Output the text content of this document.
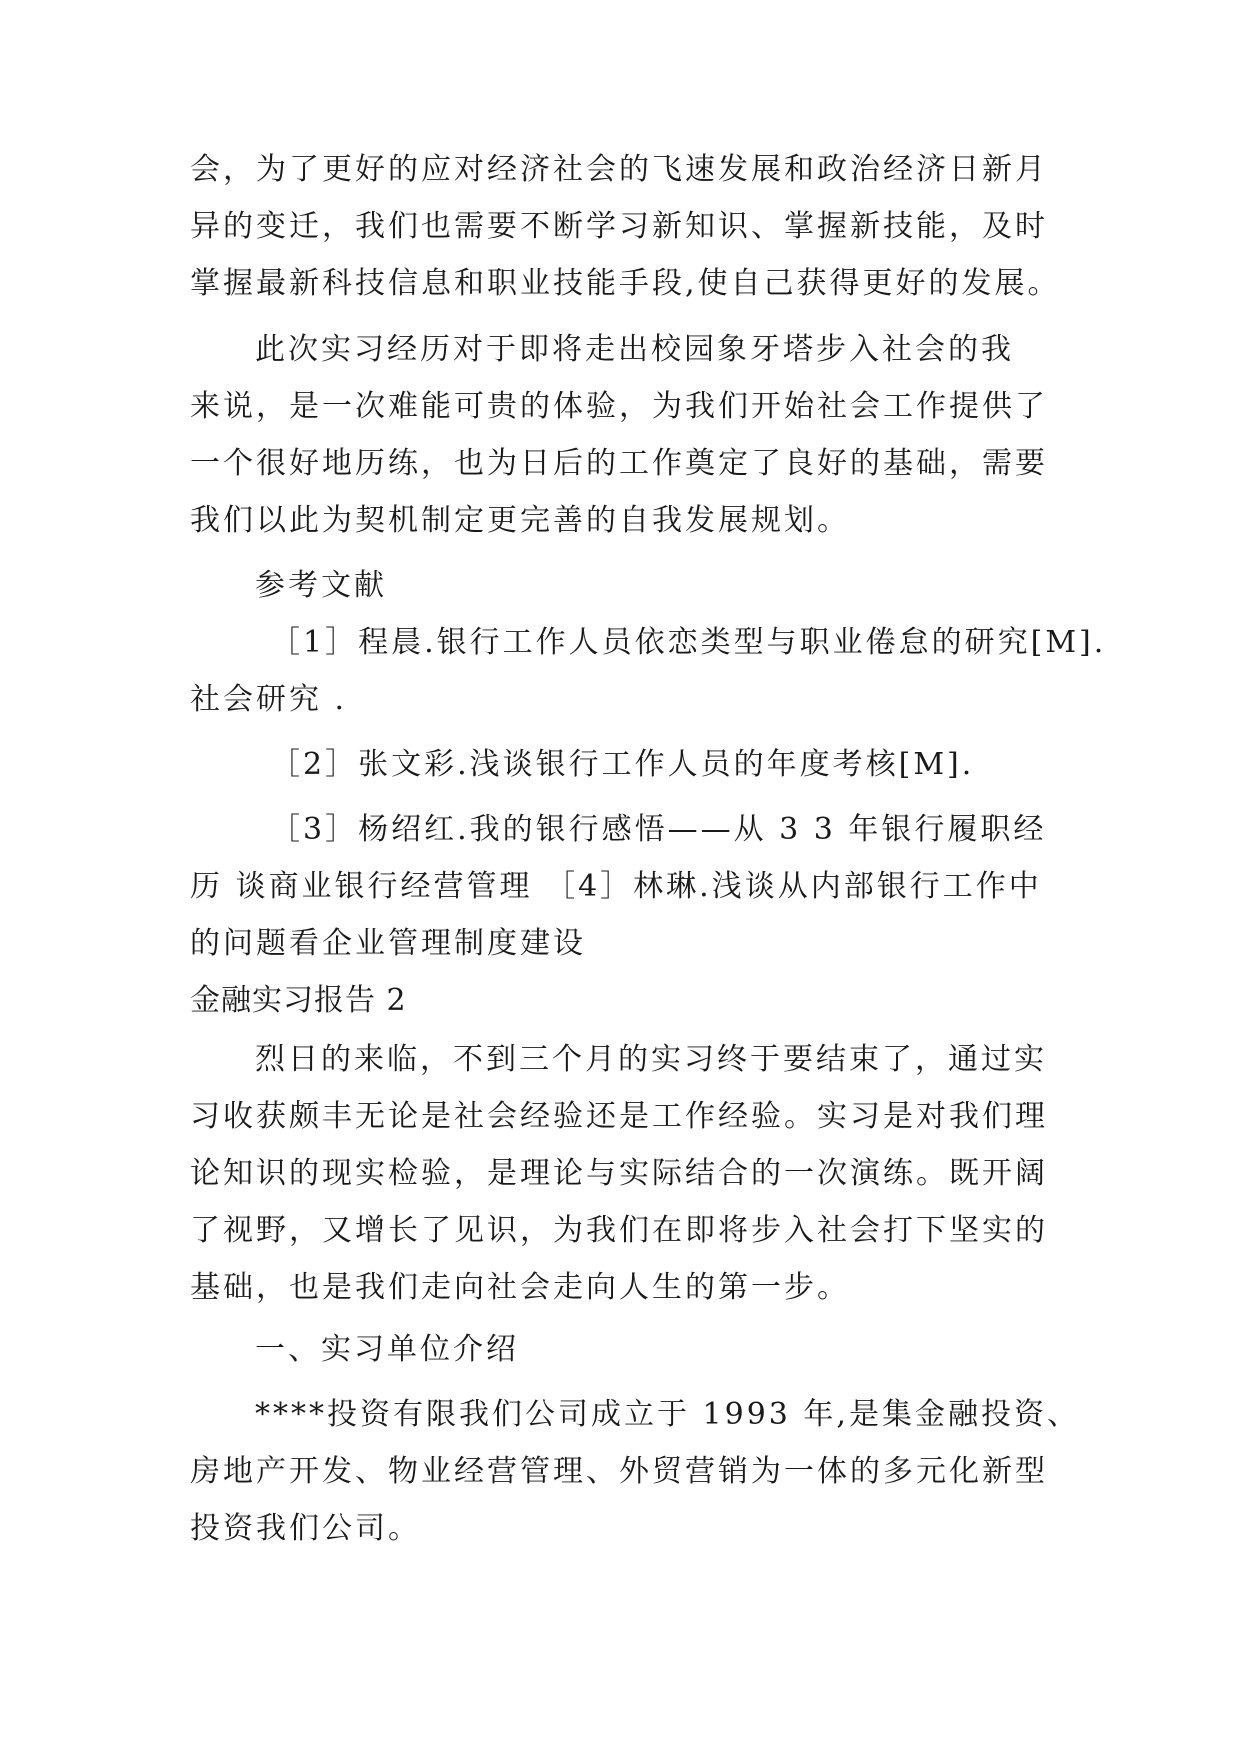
会，为了更好的应对经济社会的飞速发展和政治经济日新月
异的变迁，我们也需要不断学习新知识、掌握新技能，及时
掌握最新科技信息和职业技能手段,使自己获得更好的发展。
此次实习经历对于即将走出校园象牙塔步入社会的我
来说，是一次难能可贵的体验，为我们开始社会工作提供了
一个很好地历练，也为日后的工作奠定了良好的基础，需要
我们以此为契机制定更完善的自我发展规划。
参考文献
［1］程晨.银行工作人员依恋类型与职业倦怠的研究[M].
社会研究 .
［2］张文彩.浅谈银行工作人员的年度考核[M].
［3］杨绍红.我的银行感悟——从 3 3 年银行履职经
历 谈商业银行经营管理 ［4］林琳.浅谈从内部银行工作中
的问题看企业管理制度建设
金融实习报告 2
烈日的来临，不到三个月的实习终于要结束了，通过实
习收获颇丰无论是社会经验还是工作经验。实习是对我们理
论知识的现实检验，是理论与实际结合的一次演练。既开阔
了视野，又增长了见识，为我们在即将步入社会打下坚实的
基础，也是我们走向社会走向人生的第一步。
一、实习单位介绍
****投资有限我们公司成立于 1993 年,是集金融投资、
房地产开发、物业经营管理、外贸营销为一体的多元化新型
投资我们公司。
